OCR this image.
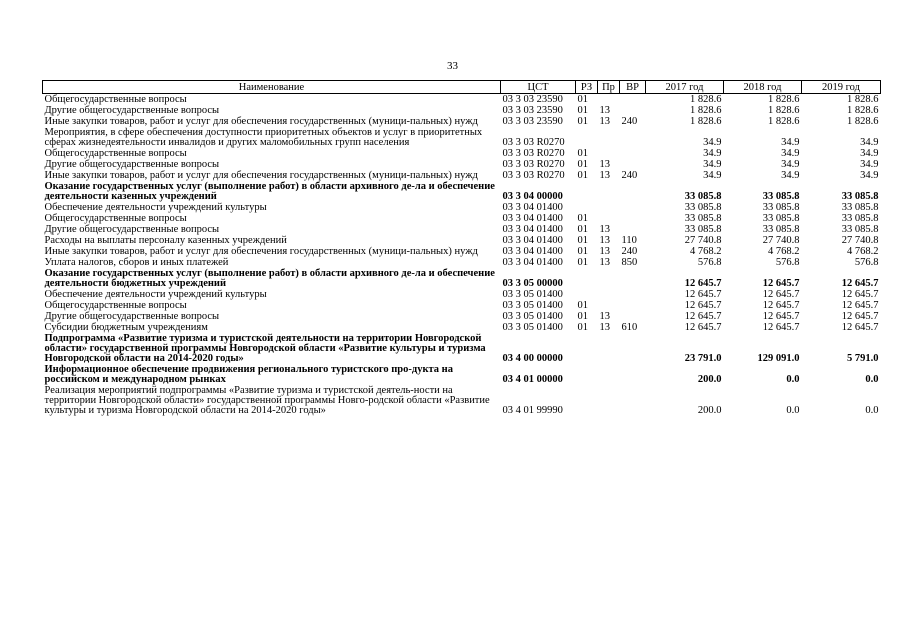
33
Наименование	ЦСТ	РЗ	Пр	ВР	2017 год	2018 год	2019 год
Общегосударственные вопросы	03 3 03 23590	01			1 828.6	1 828.6	1 828.6
Другие общегосударственные вопросы	03 3 03 23590	01	13		1 828.6	1 828.6	1 828.6
Иные закупки товаров, работ и услуг для обеспечения государственных (муници-пальных) нужд	03 3 03 23590	01	13	240	1 828.6	1 828.6	1 828.6
Мероприятия, в сфере обеспечения доступности приоритетных объектов и услуг в приоритетных сферах жизнедеятельности инвалидов и других маломобильных групп населения	03 3 03 R0270				34.9	34.9	34.9
Общегосударственные вопросы	03 3 03 R0270	01			34.9	34.9	34.9
Другие общегосударственные вопросы	03 3 03 R0270	01	13		34.9	34.9	34.9
Иные закупки товаров, работ и услуг для обеспечения государственных (муници-пальных) нужд	03 3 03 R0270	01	13	240	34.9	34.9	34.9
Оказание государственных услуг (выполнение работ) в области архивного де-ла и обеспечение деятельности казенных учреждений	03 3 04 00000				33 085.8	33 085.8	33 085.8
Обеспечение деятельности учреждений культуры	03 3 04 01400				33 085.8	33 085.8	33 085.8
Общегосударственные вопросы	03 3 04 01400	01			33 085.8	33 085.8	33 085.8
Другие общегосударственные вопросы	03 3 04 01400	01	13		33 085.8	33 085.8	33 085.8
Расходы на выплаты персоналу казенных учреждений	03 3 04 01400	01	13	110	27 740.8	27 740.8	27 740.8
Иные закупки товаров, работ и услуг для обеспечения государственных (муници-пальных) нужд	03 3 04 01400	01	13	240	4 768.2	4 768.2	4 768.2
Уплата налогов, сборов и иных платежей	03 3 04 01400	01	13	850	576.8	576.8	576.8
Оказание государственных услуг (выполнение работ) в области архивного де-ла и обеспечение деятельности бюджетных учреждений	03 3 05 00000				12 645.7	12 645.7	12 645.7
Обеспечение деятельности учреждений культуры	03 3 05 01400				12 645.7	12 645.7	12 645.7
Общегосударственные вопросы	03 3 05 01400	01			12 645.7	12 645.7	12 645.7
Другие общегосударственные вопросы	03 3 05 01400	01	13		12 645.7	12 645.7	12 645.7
Субсидии бюджетным учреждениям	03 3 05 01400	01	13	610	12 645.7	12 645.7	12 645.7
Подпрограмма «Развитие туризма и туристской деятельности на территории Новгородской области» государственной программы Новгородской области «Развитие культуры и туризма Новгородской области на 2014-2020 годы»	03 4 00 00000				23 791.0	129 091.0	5 791.0
Информационное обеспечение продвижения регионального туристского про-дукта на российском и международном рынках	03 4 01 00000				200.0	0.0	0.0
Реализация мероприятий подпрограммы «Развитие туризма и туристской деятель-ности на территории Новгородской области» государственной программы Новго-родской области «Развитие культуры и туризма Новгородской области на 2014-2020 годы»	03 4 01 99990				200.0	0.0	0.0
